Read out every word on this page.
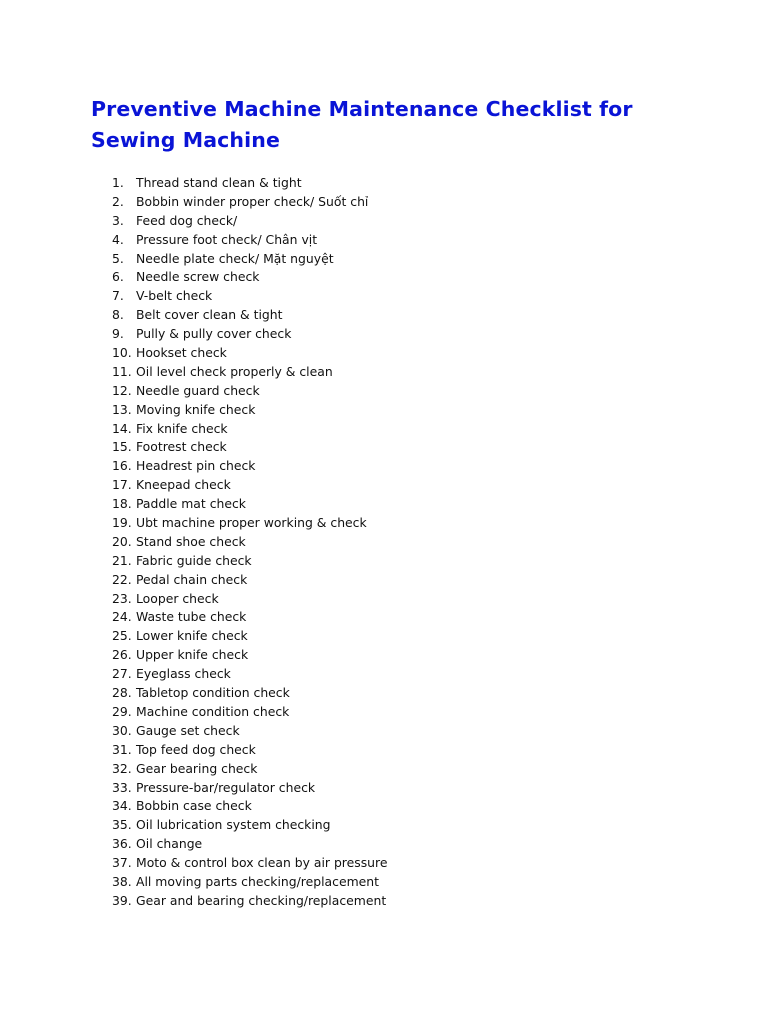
Preventive Machine Maintenance Checklist for Sewing Machine
1. Thread stand clean & tight
2. Bobbin winder proper check/ Suốt chỉ
3. Feed dog check/
4. Pressure foot check/ Chân vịt
5. Needle plate check/ Mặt nguyệt
6. Needle screw check
7. V-belt check
8. Belt cover clean & tight
9. Pully & pully cover check
10. Hookset check
11. Oil level check properly & clean
12. Needle guard check
13. Moving knife check
14. Fix knife check
15. Footrest check
16. Headrest pin check
17. Kneepad check
18. Paddle mat check
19. Ubt machine proper working & check
20. Stand shoe check
21. Fabric guide check
22. Pedal chain check
23. Looper check
24. Waste tube check
25. Lower knife check
26. Upper knife check
27. Eyeglass check
28. Tabletop condition check
29. Machine condition check
30. Gauge set check
31. Top feed dog check
32. Gear bearing check
33. Pressure-bar/regulator check
34. Bobbin case check
35. Oil lubrication system checking
36. Oil change
37. Moto & control box clean by air pressure
38. All moving parts checking/replacement
39. Gear and bearing checking/replacement
